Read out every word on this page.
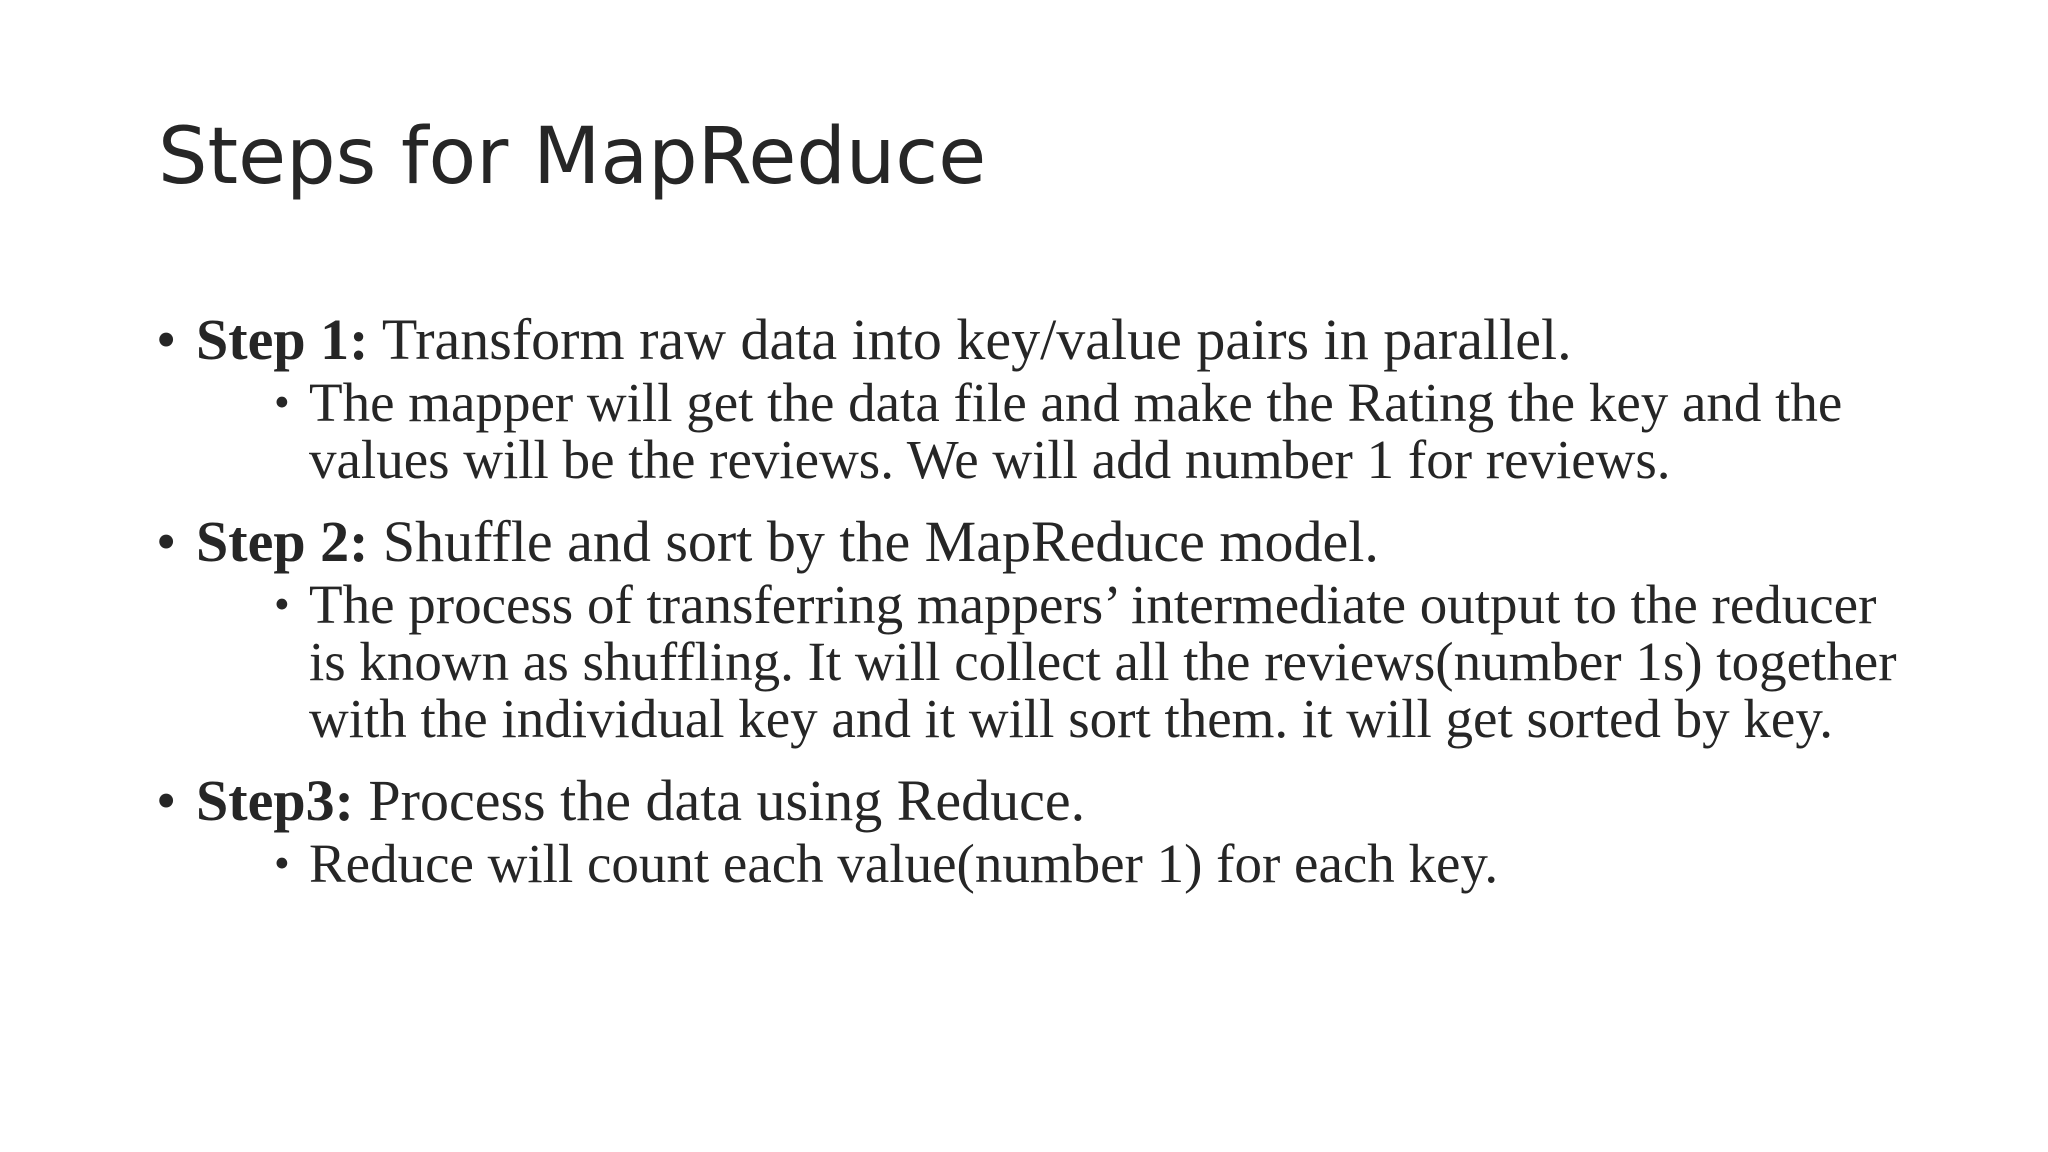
Steps for MapReduce

• Step 1: Transform raw data into key/value pairs in parallel.

• The mapper will get the data file and make the Rating the key and the values will be the reviews. We will add number 1 for reviews.

• Step 2: Shuffle and sort by the MapReduce model.

• The process of transferring mappers’ intermediate output to the reducer is known as shuffling. It will collect all the reviews(number 1s) together with the individual key and it will sort them. it will get sorted by key.

• Step3: Process the data using Reduce.

• Reduce will count each value(number 1) for each key.
